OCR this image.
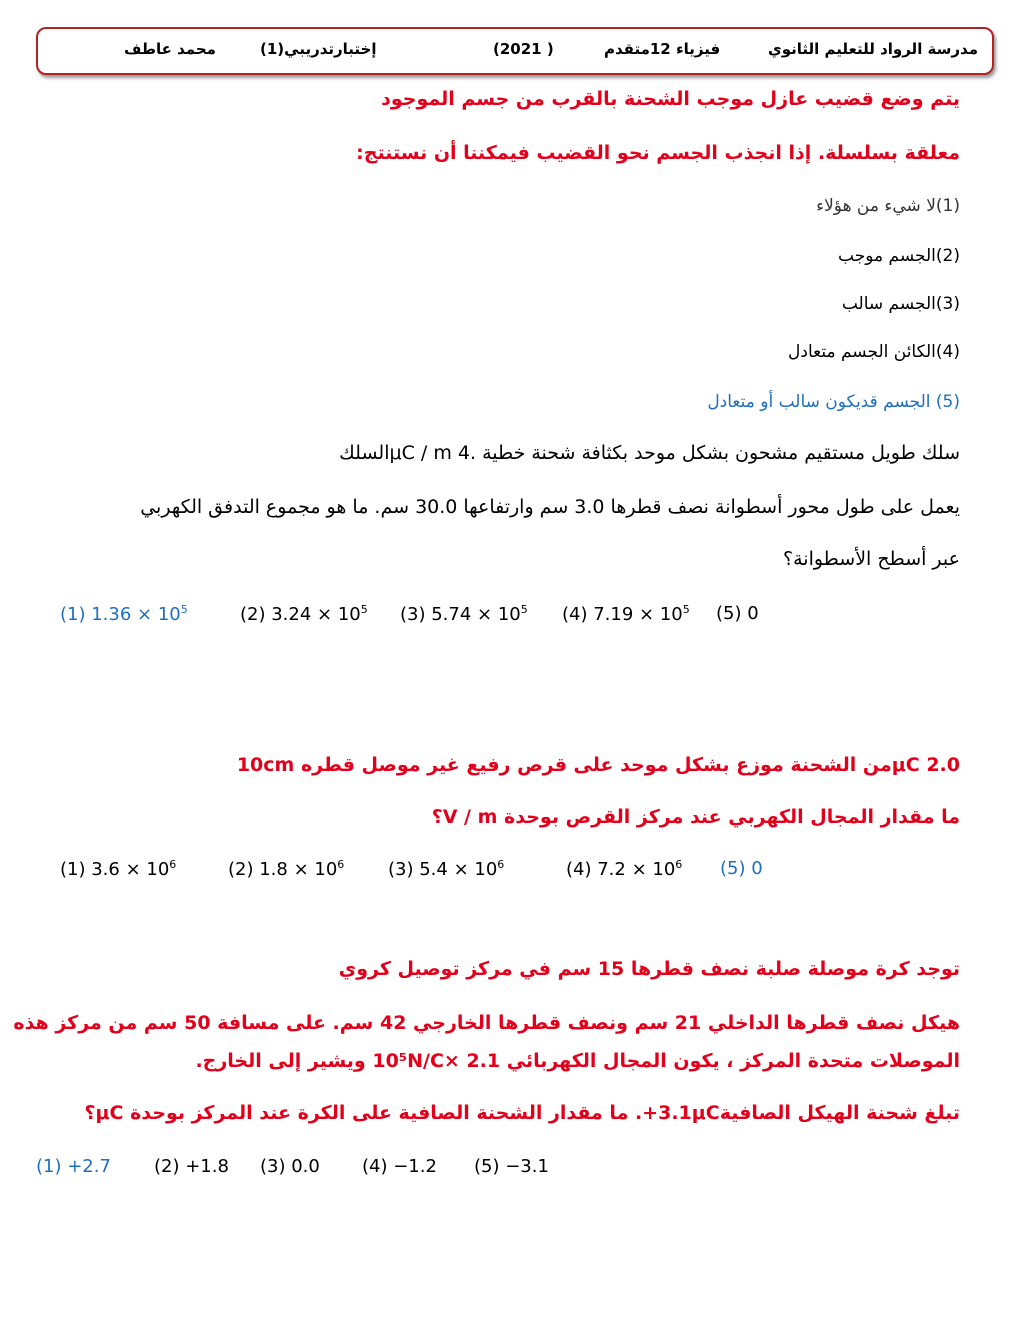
مدرسة الرواد للتعليم الثانوي
فيزياء 12متقدم
(2021 )
إختبارتدريبي(1)
محمد عاطف
يتم وضع قضيب عازل موجب الشحنة بالقرب من جسم الموجود
معلقة بسلسلة. إذا انجذب الجسم نحو القضيب فيمكننا أن نستنتج:
(1)لا شيء من هؤلاء
(2)الجسم موجب
(3)الجسم سالب
(4)الكائن الجسم متعادل
(5) الجسم قديكون سالب أو متعادل
سلك طويل مستقيم مشحون بشكل موحد بكثافة شحنة خطية .4 μC / mالسلك
يعمل على طول محور أسطوانة نصف قطرها 3.0 سم وارتفاعها 30.0 سم. ما هو مجموع التدفق الكهربي
عبر أسطح الأسطوانة؟
(1) $1.36 \times 10^5$	(2) $3.24 \times 10^5$ (3) $5.74 \times 10^5$ (4) $7.19 \times 10^5$ (5) 0
2.0 μCمن الشحنة موزع بشكل موحد على قرص رفيع غير موصل قطره 10cm
ما مقدار المجال الكهربي عند مركز القرص بوحدة V / m؟
(1) $3.6 \times 10^6$	(2) $1.8 \times 10^6$ (3) $5.4 \times 10^6$	(4) $7.2 \times 10^6$ (5) 0
توجد كرة موصلة صلبة نصف قطرها 15 سم في مركز توصيل كروي
هيكل نصف قطرها الداخلي 21 سم ونصف قطرها الخارجي 42 سم. على مسافة 50 سم من مركز هذه
الموصلات متحدة المركز ، يكون المجال الكهربائي 2.1 ×10⁵N/C ويشير إلى الخارج.
تبلغ شحنة الهيكل الصافية3.1μC+. ما مقدار الشحنة الصافية على الكرة عند المركز بوحدة μC؟
(1) +2.7 (2) +1.8 (3) 0.0 (4) −1.2 (5) −3.1
